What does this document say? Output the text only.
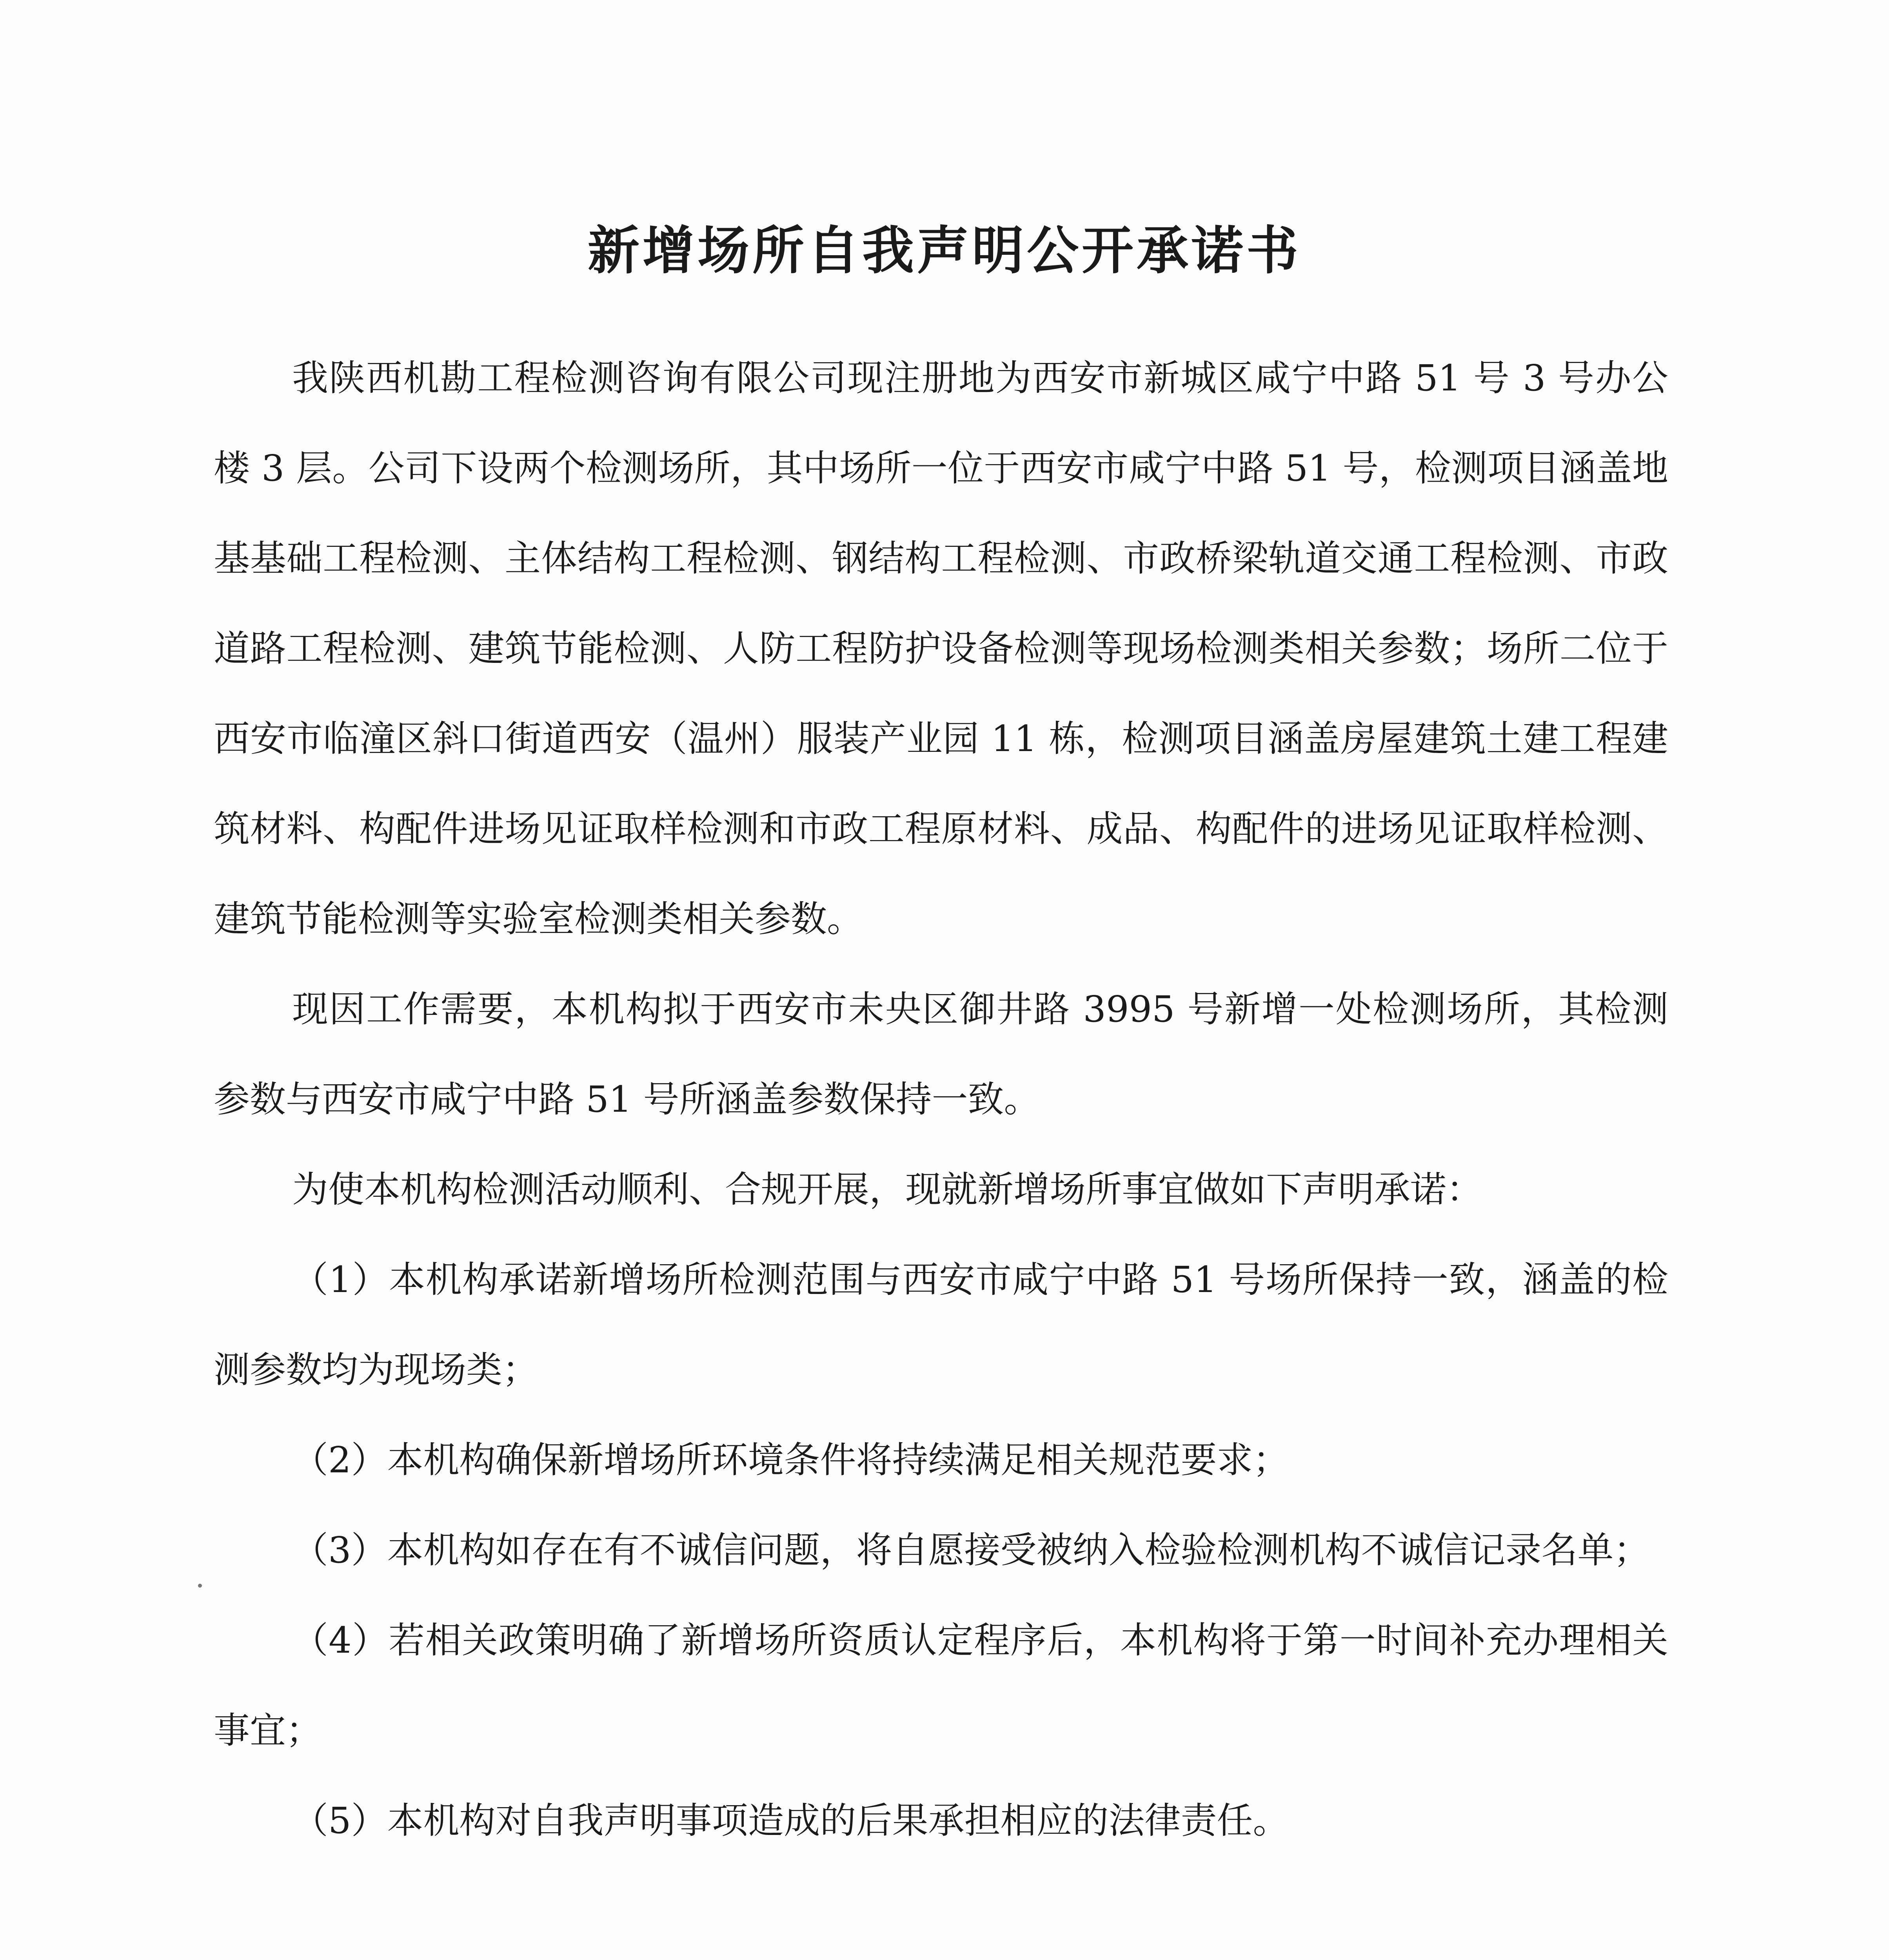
新增场所自我声明公开承诺书

我陕西机勘工程检测咨询有限公司现注册地为西安市新城区咸宁中路 51 号 3 号办公楼 3 层。公司下设两个检测场所，其中场所一位于西安市咸宁中路 51 号，检测项目涵盖地基基础工程检测、主体结构工程检测、钢结构工程检测、市政桥梁轨道交通工程检测、市政道路工程检测、建筑节能检测、人防工程防护设备检测等现场检测类相关参数；场所二位于西安市临潼区斜口街道西安（温州）服装产业园 11 栋，检测项目涵盖房屋建筑土建工程建筑材料、构配件进场见证取样检测和市政工程原材料、成品、构配件的进场见证取样检测、建筑节能检测等实验室检测类相关参数。

现因工作需要，本机构拟于西安市未央区御井路 3995 号新增一处检测场所，其检测参数与西安市咸宁中路 51 号所涵盖参数保持一致。

为使本机构检测活动顺利、合规开展，现就新增场所事宜做如下声明承诺：

（1）本机构承诺新增场所检测范围与西安市咸宁中路 51 号场所保持一致，涵盖的检测参数均为现场类；

（2）本机构确保新增场所环境条件将持续满足相关规范要求；

（3）本机构如存在有不诚信问题，将自愿接受被纳入检验检测机构不诚信记录名单；

（4）若相关政策明确了新增场所资质认定程序后，本机构将于第一时间补充办理相关事宜；

（5）本机构对自我声明事项造成的后果承担相应的法律责任。
